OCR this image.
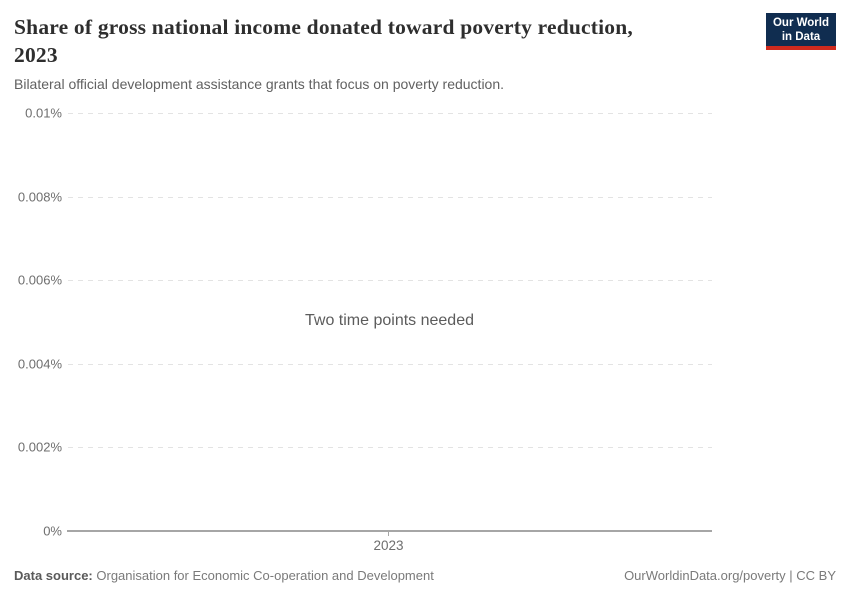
Share of gross national income donated toward poverty reduction,
2023
Our World
in Data

Bilateral official development assistance grants that focus on poverty reduction.

0.01%
0.008%
0.006%
0.004%
0.002%
0%
2023
Two time points needed
Data source: Organisation for Economic Co-operation and Development	OurWorldinData.org/poverty | CC BY
